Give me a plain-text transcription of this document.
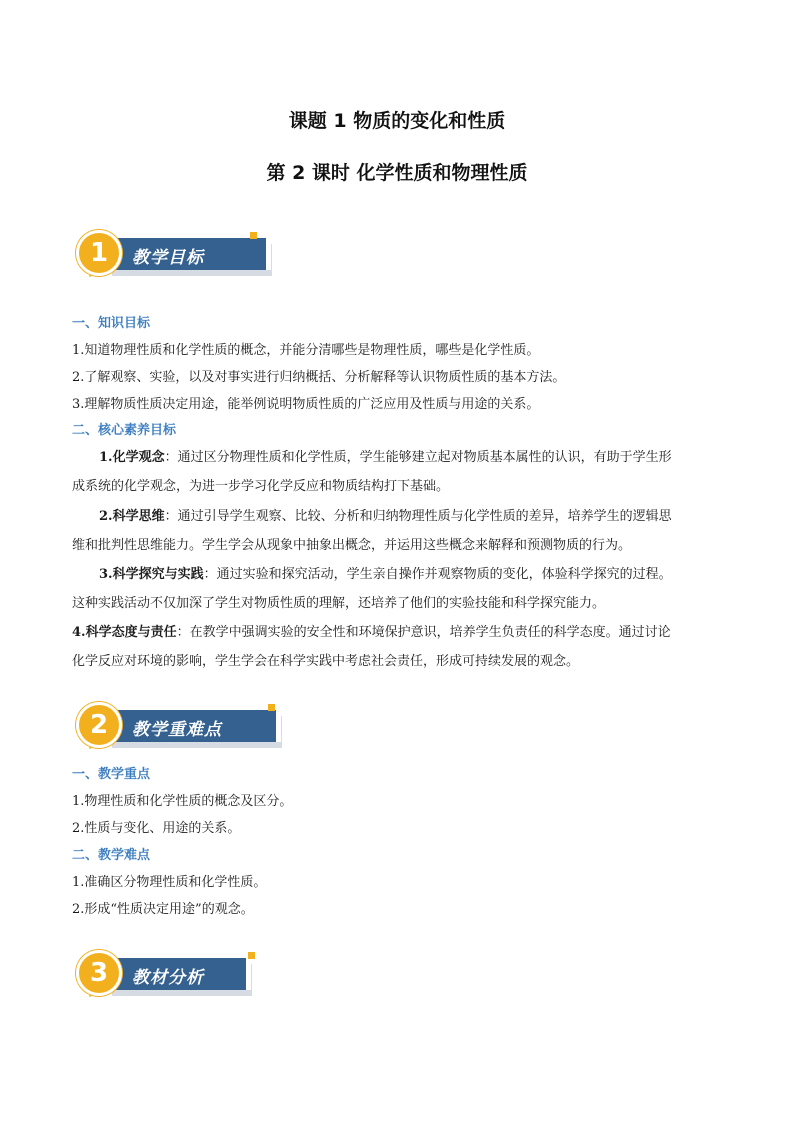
课题 1 物质的变化和性质
第 2 课时 化学性质和物理性质
1	教学目标
一、知识目标
1.知道物理性质和化学性质的概念，并能分清哪些是物理性质，哪些是化学性质。
2.了解观察、实验，以及对事实进行归纳概括、分析解释等认识物质性质的基本方法。
3.理解物质性质决定用途，能举例说明物质性质的广泛应用及性质与用途的关系。
二、核心素养目标
1.化学观念：通过区分物理性质和化学性质，学生能够建立起对物质基本属性的认识，有助于学生形
成系统的化学观念，为进一步学习化学反应和物质结构打下基础。
2.科学思维：通过引导学生观察、比较、分析和归纳物理性质与化学性质的差异，培养学生的逻辑思
维和批判性思维能力。学生学会从现象中抽象出概念，并运用这些概念来解释和预测物质的行为。
3.科学探究与实践：通过实验和探究活动，学生亲自操作并观察物质的变化，体验科学探究的过程。
这种实践活动不仅加深了学生对物质性质的理解，还培养了他们的实验技能和科学探究能力。
4.科学态度与责任：在教学中强调实验的安全性和环境保护意识，培养学生负责任的科学态度。通过讨论
化学反应对环境的影响，学生学会在科学实践中考虑社会责任，形成可持续发展的观念。
2	教学重难点
一、教学重点
1.物理性质和化学性质的概念及区分。
2.性质与变化、用途的关系。
二、教学难点
1.准确区分物理性质和化学性质。
2.形成“性质决定用途”的观念。
3	教材分析
